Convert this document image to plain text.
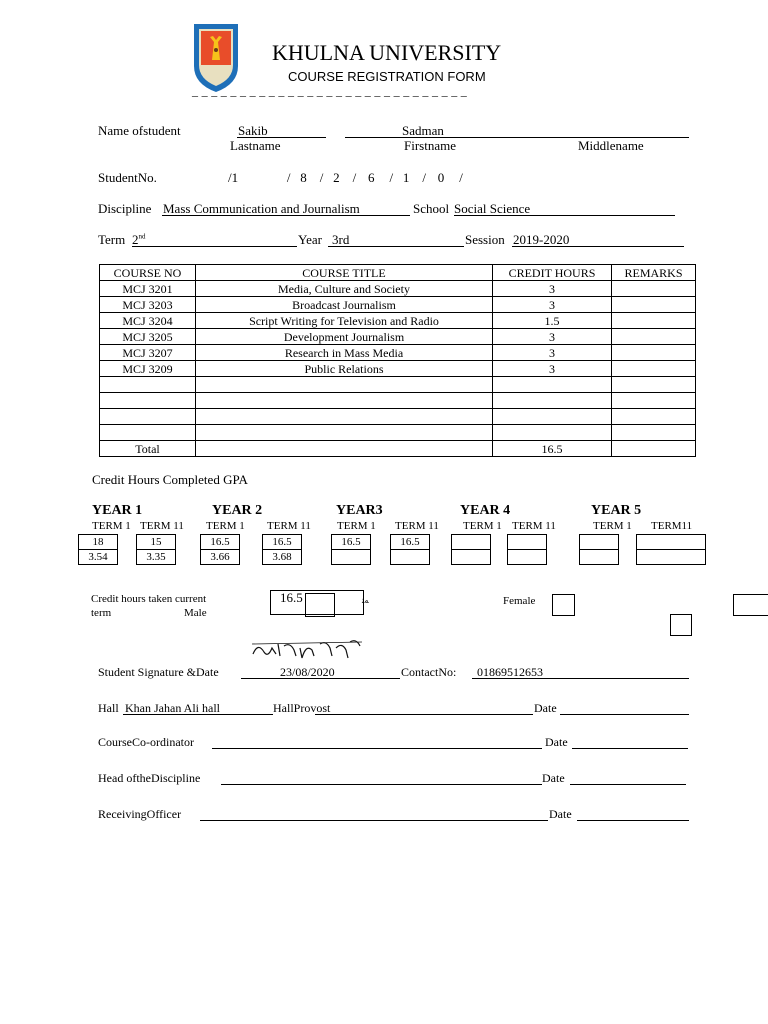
KHULNA UNIVERSITY
COURSE REGISTRATION FORM
_ _ _ _ _ _ _ _ _ _ _ _ _ _ _ _ _ _ _ _ _ _ _ _ _ _ _ _ _
Name ofstudent	Sakib	Sadman
Lastname	Firstname	Middlename
StudentNo.	/1	/ 8 / 2 / 6 / 1 / 0 /
Discipline Mass Communication and Journalism	School Social Science
Term 2nd	Year 3rd	Session 2019-2020
COURSE NO	COURSE TITLE	CREDIT HOURS	REMARKS
MCJ 3201	Media, Culture and Society	3	
MCJ 3203	Broadcast Journalism	3	
MCJ 3204	Script Writing for Television and Radio	1.5	
MCJ 3205	Development Journalism	3	
MCJ 3207	Research in Mass Media	3	
MCJ 3209	Public Relations	3	

Total		16.5	
Credit Hours Completed GPA
YEAR 1	YEAR 2	YEAR3	YEAR 4	YEAR 5
TERM 1 TERM 11 TERM 1 TERM 11 TERM 1 TERM 11 TERM 1 TERM 11	TERM 1 TERM11
18	15	16.5	16.5	16.5	16.5
3.54	3.35	3.66	3.68
Credit hours taken current
term	Male
16.5	ﻪﺘ	Female
Student Signature &Date	23/08/2020	ContactNo: 01869512653
Hall Khan Jahan Ali hall	HallProvost	Date
CourseCo-ordinator	Date
Head oftheDiscipline	Date
ReceivingOfficer	Date
